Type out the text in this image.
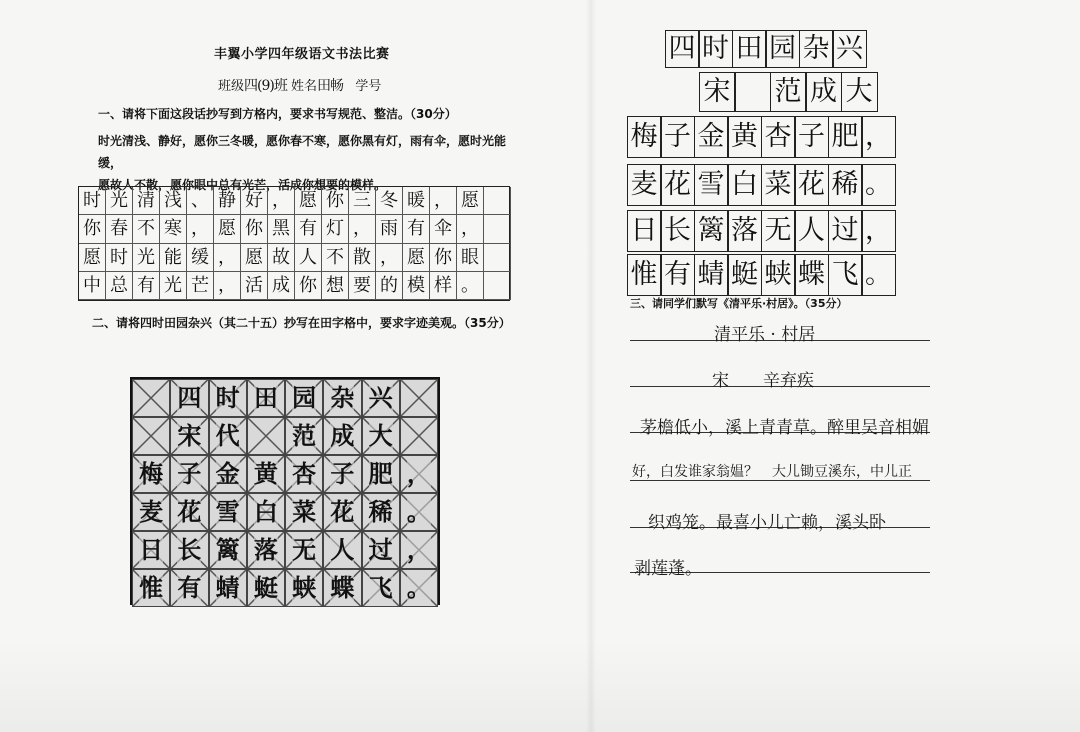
丰翼小学四年级语文书法比赛
班级四(9)班 姓名田畅 学号
一、请将下面这段话抄写到方格内，要求书写规范、整洁。（30分）
时光清浅、静好，愿你三冬暖，愿你春不寒，愿你黑有灯，雨有伞，愿时光能缓，
愿故人不散，愿你眼中总有光芒，活成你想要的模样。
时 光 清 浅 、 静 好 ， 愿 你 三 冬 暖 ， 愿
你 春 不 寒 ， 愿 你 黑 有 灯 ， 雨 有 伞 ，
愿 时 光 能 缓 ， 愿 故 人 不 散 ， 愿 你 眼
中 总 有 光 芒 ， 活 成 你 想 要 的 模 样 。
二、请将四时田园杂兴（其二十五）抄写在田字格中，要求字迹美观。（35分）
四 时 田 园 杂 兴
宋 代 范 成 大
梅 子 金 黄 杏 子 肥 ，
麦 花 雪 白 菜 花 稀 。
日 长 篱 落 无 人 过 ，
惟 有 蜻 蜓 蛱 蝶 飞 。
四 时 田 园 杂 兴
宋 范 成 大
梅 子 金 黄 杏 子 肥 ，
麦 花 雪 白 菜 花 稀 。
日 长 篱 落 无 人 过 ，
惟 有 蜻 蜓 蛱 蝶 飞 。
三、请同学们默写《清平乐·村居》。（35分）
清平乐 · 村居
宋　　辛弃疾
茅檐低小，溪上青青草。醉里吴音相媚
好，白发谁家翁媪？　大儿锄豆溪东，中儿正
织鸡笼。最喜小儿亡赖，溪头卧
剥莲蓬。
